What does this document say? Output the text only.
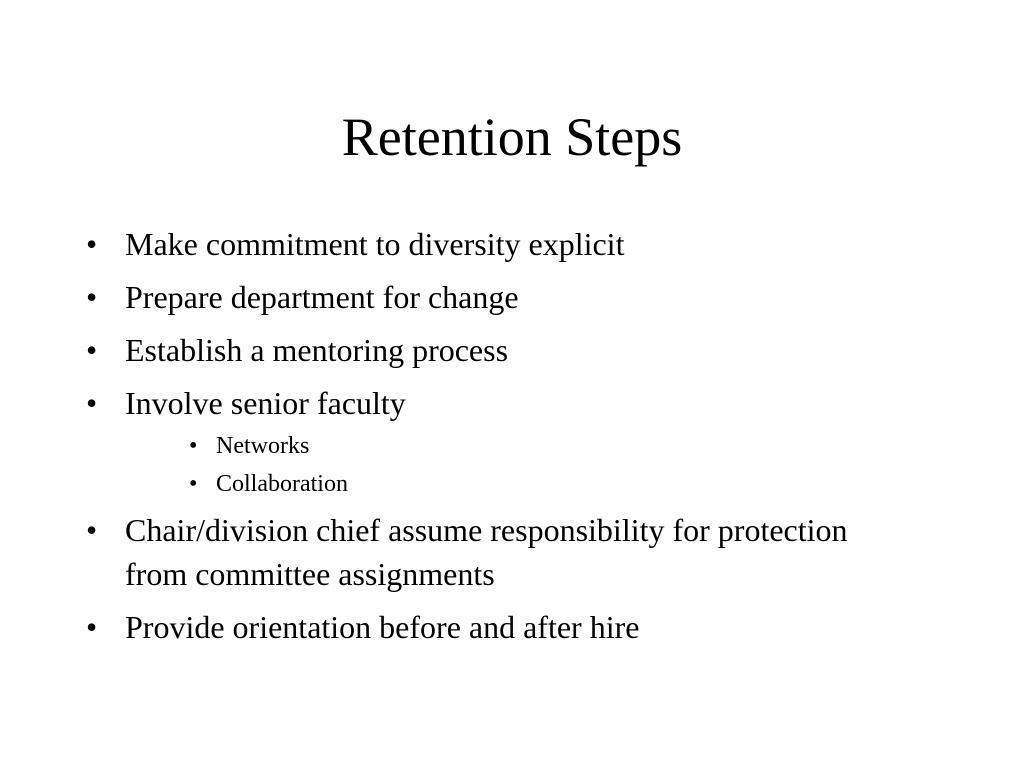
Retention Steps
• Make commitment to diversity explicit
• Prepare department for change
• Establish a mentoring process
• Involve senior faculty
• Networks
• Collaboration
• Chair/division chief assume responsibility for protection from committee assignments
• Provide orientation before and after hire
